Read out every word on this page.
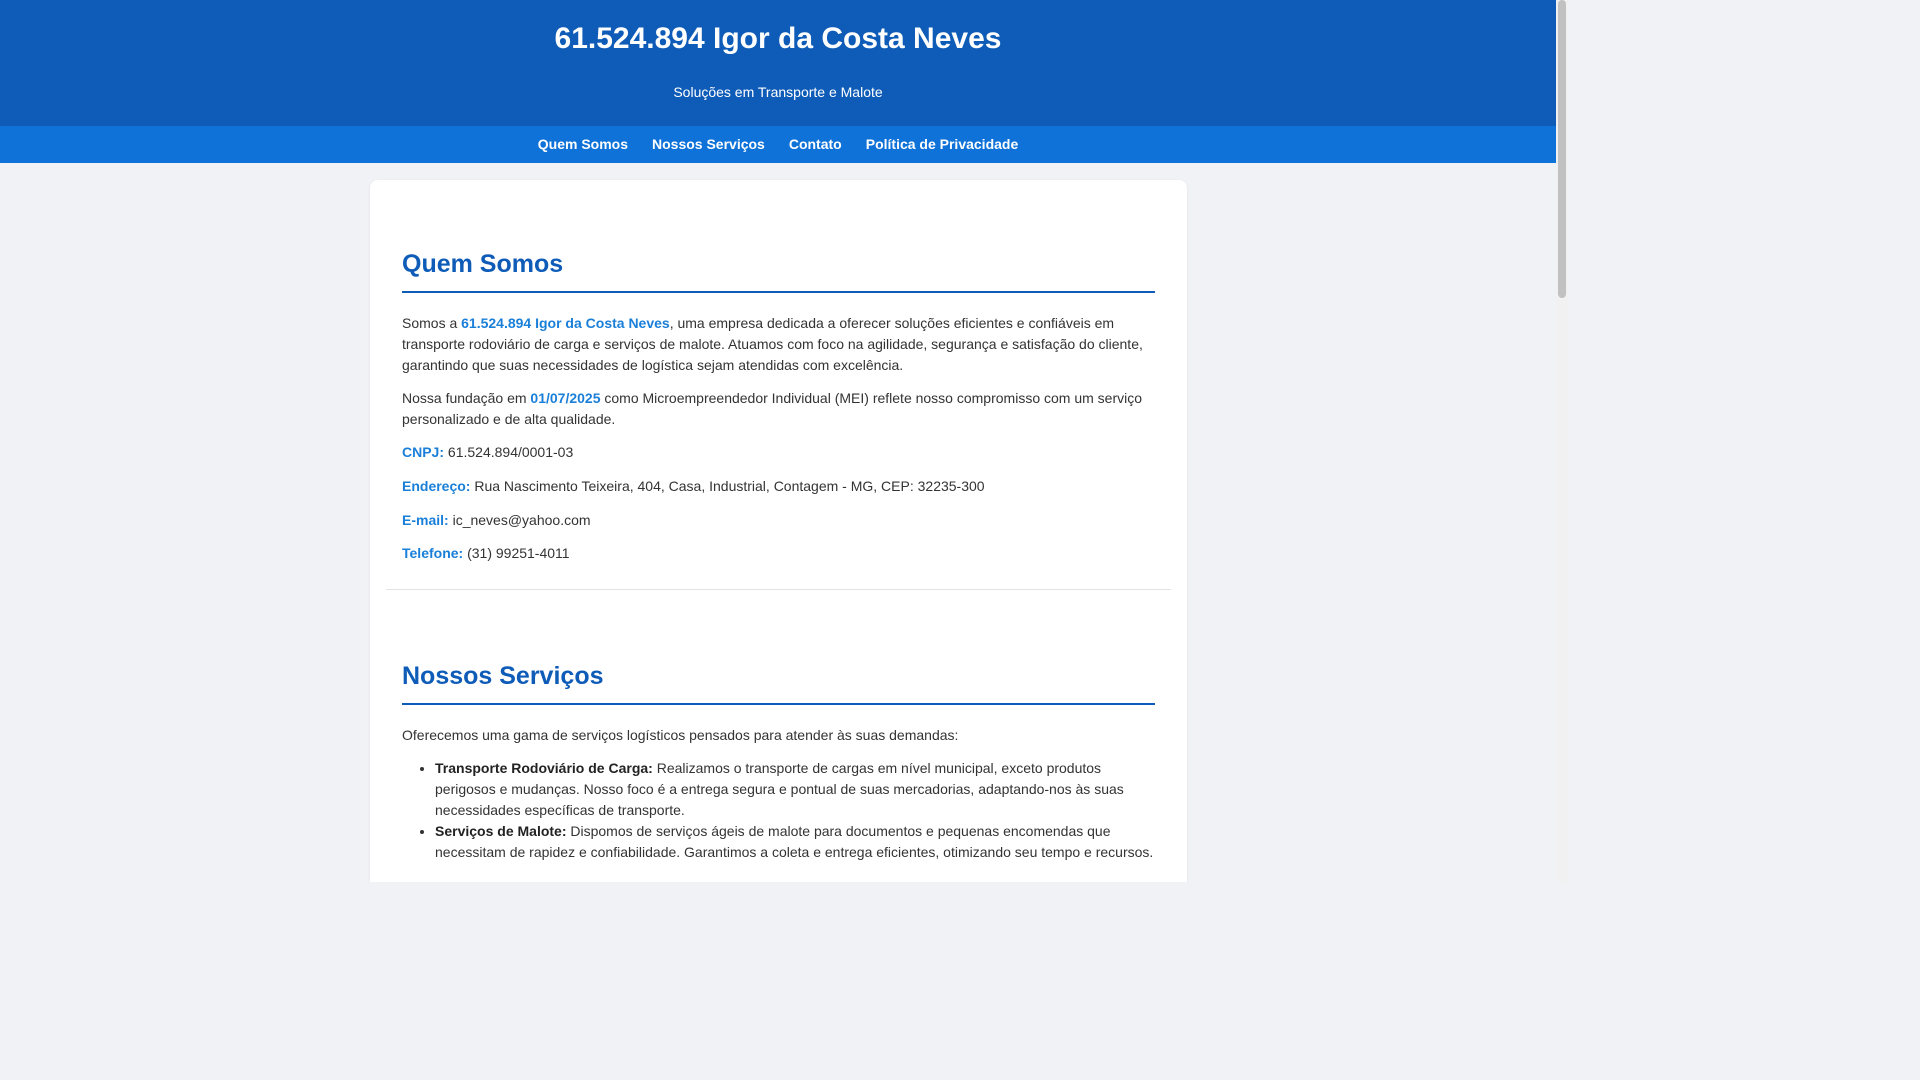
61.524.894 Igor da Costa Neves
Soluções em Transporte e Malote
Quem Somos	Nossos Serviços	Contato	Política de Privacidade
Quem Somos

Somos a 61.524.894 Igor da Costa Neves, uma empresa dedicada a oferecer soluções eficientes e confiáveis em transporte rodoviário de carga e serviços de malote. Atuamos com foco na agilidade, segurança e satisfação do cliente, garantindo que suas necessidades de logística sejam atendidas com excelência.

Nossa fundação em 01/07/2025 como Microempreendedor Individual (MEI) reflete nosso compromisso com um serviço personalizado e de alta qualidade.

CNPJ: 61.524.894/0001-03

Endereço: Rua Nascimento Teixeira, 404, Casa, Industrial, Contagem - MG, CEP: 32235-300

E-mail: ic_neves@yahoo.com

Telefone: (31) 99251-4011

Nossos Serviços

Oferecemos uma gama de serviços logísticos pensados para atender às suas demandas:

• Transporte Rodoviário de Carga: Realizamos o transporte de cargas em nível municipal, exceto produtos perigosos e mudanças. Nosso foco é a entrega segura e pontual de suas mercadorias, adaptando-nos às suas necessidades específicas de transporte.
• Serviços de Malote: Dispomos de serviços ágeis de malote para documentos e pequenas encomendas que necessitam de rapidez e confiabilidade. Garantimos a coleta e entrega eficientes, otimizando seu tempo e recursos.
